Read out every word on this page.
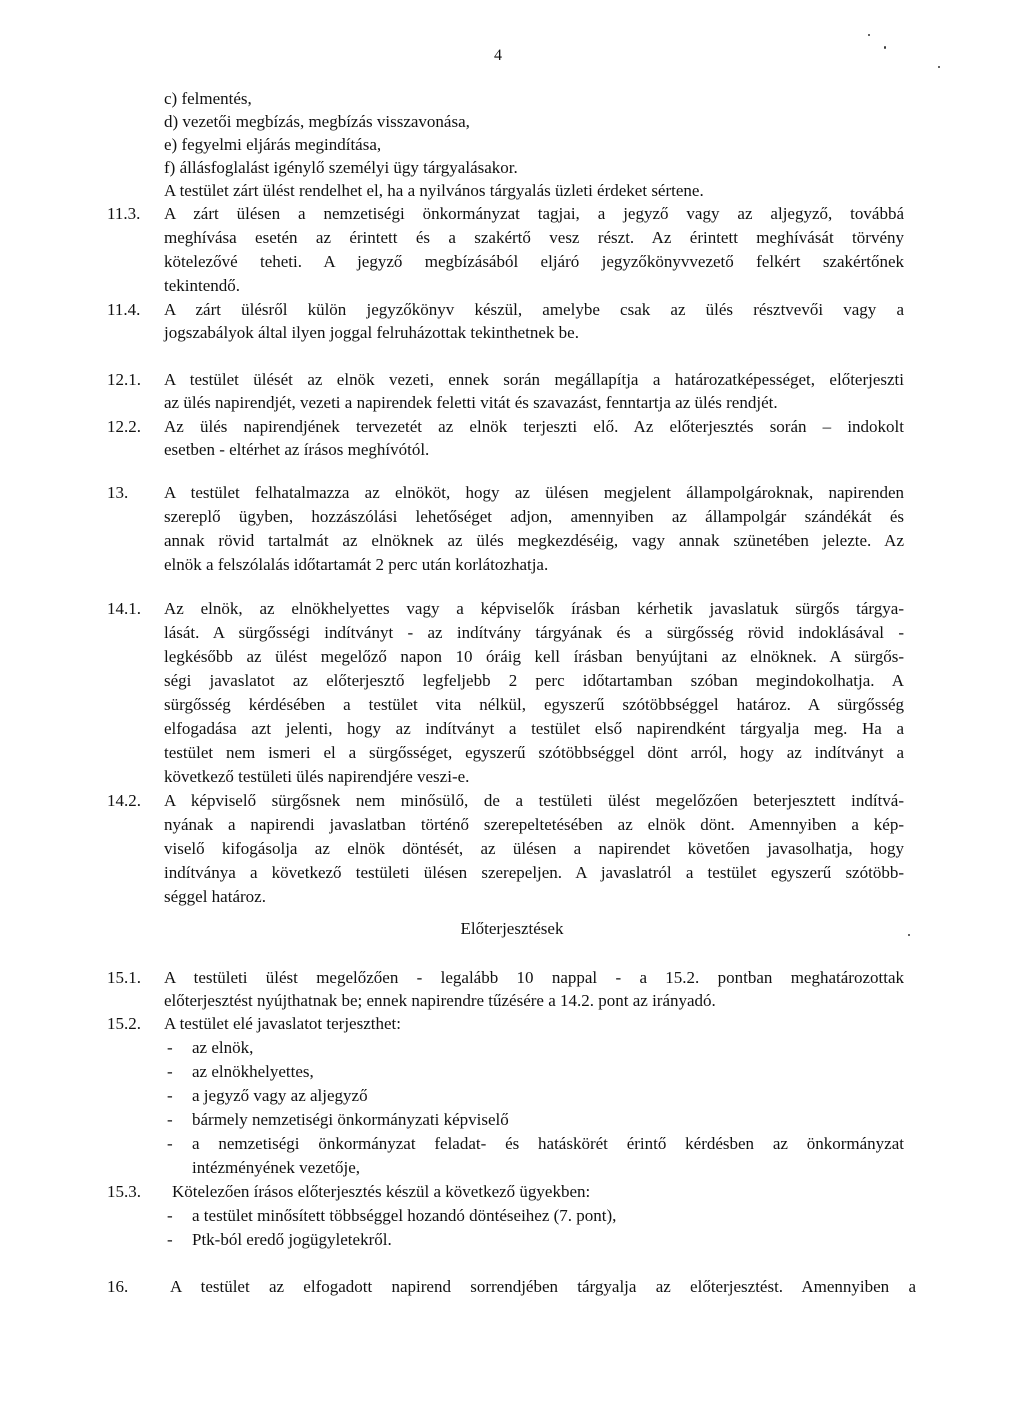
4
c) felmentés,
d) vezetői megbízás, megbízás visszavonása,
e) fegyelmi eljárás megindítása,
f) állásfoglalást igénylő személyi ügy tárgyalásakor.
A testület zárt ülést rendelhet el, ha a nyilvános tárgyalás üzleti érdeket sértene.
11.3. A zárt ülésen a nemzetiségi önkormányzat tagjai, a jegyző vagy az aljegyző, továbbá
meghívása esetén az érintett és a szakértő vesz részt. Az érintett meghívását törvény
kötelezővé teheti. A jegyző megbízásából eljáró jegyzőkönyvvezető felkért szakértőnek
tekintendő.
11.4. A zárt ülésről külön jegyzőkönyv készül, amelybe csak az ülés résztvevői vagy a
jogszabályok által ilyen joggal felruházottak tekinthetnek be.
12.1. A testület ülését az elnök vezeti, ennek során megállapítja a határozatképességet, előterjeszti
az ülés napirendjét, vezeti a napirendek feletti vitát és szavazást, fenntartja az ülés rendjét.
12.2. Az ülés napirendjének tervezetét az elnök terjeszti elő. Az előterjesztés során – indokolt
esetben - eltérhet az írásos meghívótól.
13. A testület felhatalmazza az elnököt, hogy az ülésen megjelent állampolgároknak, napirenden
szereplő ügyben, hozzászólási lehetőséget adjon, amennyiben az állampolgár szándékát és
annak rövid tartalmát az elnöknek az ülés megkezdéséig, vagy annak szünetében jelezte. Az
elnök a felszólalás időtartamát 2 perc után korlátozhatja.
14.1. Az elnök, az elnökhelyettes vagy a képviselők írásban kérhetik javaslatuk sürgős tárgya-
lását. A sürgősségi indítványt - az indítvány tárgyának és a sürgősség rövid indoklásával -
legkésőbb az ülést megelőző napon 10 óráig kell írásban benyújtani az elnöknek. A sürgős-
ségi javaslatot az előterjesztő legfeljebb 2 perc időtartamban szóban megindokolhatja. A
sürgősség kérdésében a testület vita nélkül, egyszerű szótöbbséggel határoz. A sürgősség
elfogadása azt jelenti, hogy az indítványt a testület első napirendként tárgyalja meg. Ha a
testület nem ismeri el a sürgősséget, egyszerű szótöbbséggel dönt arról, hogy az indítványt a
következő testületi ülés napirendjére veszi-e.
14.2. A képviselő sürgősnek nem minősülő, de a testületi ülést megelőzően beterjesztett indítvá-
nyának a napirendi javaslatban történő szerepeltetésében az elnök dönt. Amennyiben a kép-
viselő kifogásolja az elnök döntését, az ülésen a napirendet követően javasolhatja, hogy
indítványa a következő testületi ülésen szerepeljen. A javaslatról a testület egyszerű szótöbb-
séggel határoz.
Előterjesztések
15.1. A testületi ülést megelőzően - legalább 10 nappal - a 15.2. pontban meghatározottak
előterjesztést nyújthatnak be; ennek napirendre tűzésére a 14.2. pont az irányadó.
15.2. A testület elé javaslatot terjeszthet:
- az elnök,
- az elnökhelyettes,
- a jegyző vagy az aljegyző
- bármely nemzetiségi önkormányzati képviselő
- a nemzetiségi önkormányzat feladat- és hatáskörét érintő kérdésben az önkormányzat
intézményének vezetője,
15.3. Kötelezően írásos előterjesztés készül a következő ügyekben:
- a testület minősített többséggel hozandó döntéseihez (7. pont),
- Ptk-ból eredő jogügyletekről.
16. A testület az elfogadott napirend sorrendjében tárgyalja az előterjesztést. Amennyiben a
